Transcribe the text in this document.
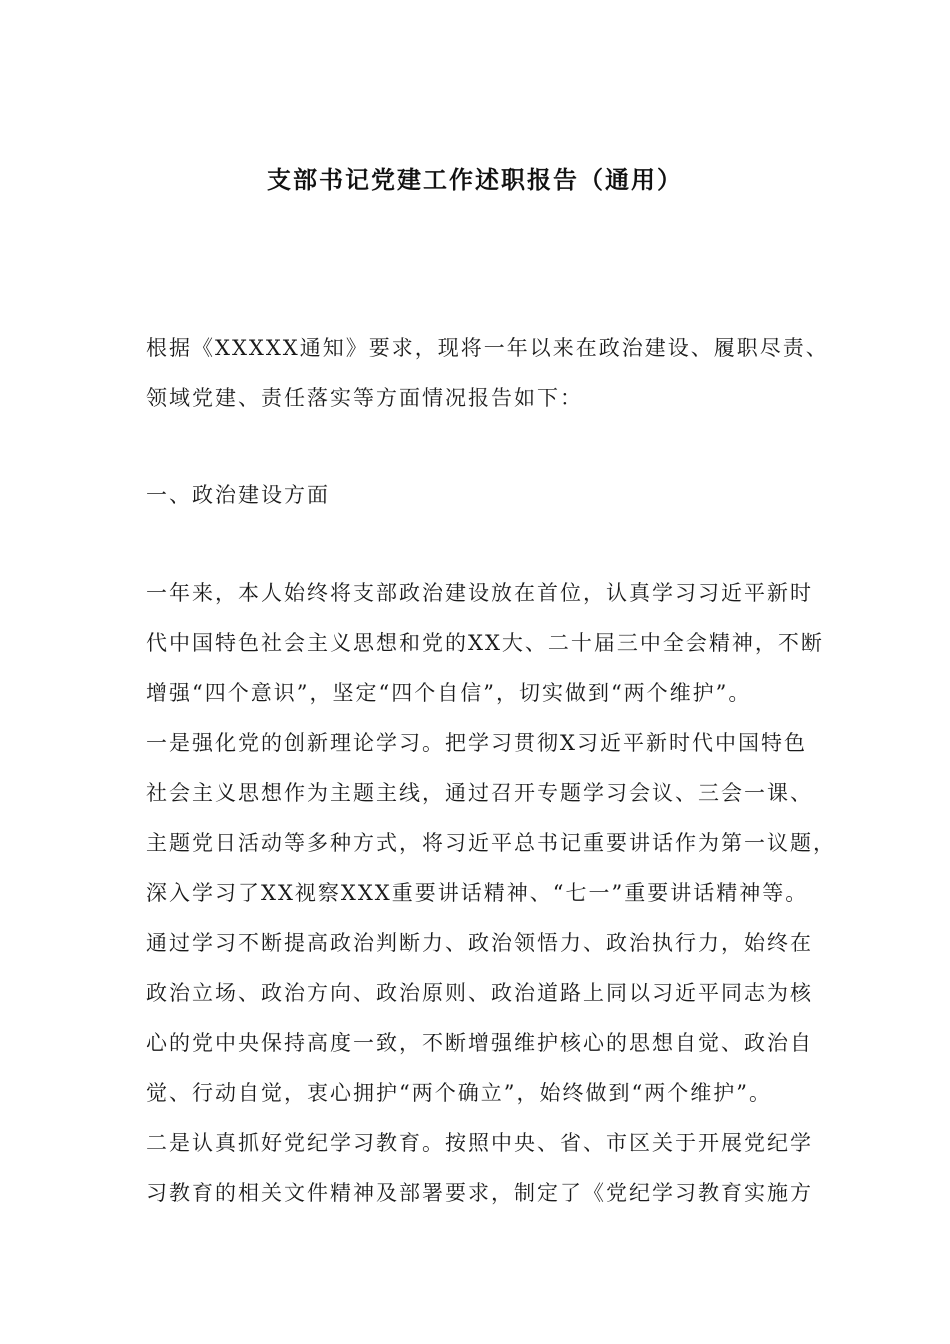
支部书记党建工作述职报告（通用）
根据《XXXXX通知》要求，现将一年以来在政治建设、履职尽责、
领域党建、责任落实等方面情况报告如下：
一、政治建设方面
一年来，本人始终将支部政治建设放在首位，认真学习习近平新时
代中国特色社会主义思想和党的XX大、二十届三中全会精神，不断
增强“四个意识”，坚定“四个自信”，切实做到“两个维护”。
一是强化党的创新理论学习。把学习贯彻X习近平新时代中国特色
社会主义思想作为主题主线，通过召开专题学习会议、三会一课、
主题党日活动等多种方式，将习近平总书记重要讲话作为第一议题，
深入学习了XX视察XXX重要讲话精神、“七一”重要讲话精神等。
通过学习不断提高政治判断力、政治领悟力、政治执行力，始终在
政治立场、政治方向、政治原则、政治道路上同以习近平同志为核
心的党中央保持高度一致，不断增强维护核心的思想自觉、政治自
觉、行动自觉，衷心拥护“两个确立”，始终做到“两个维护”。
二是认真抓好党纪学习教育。按照中央、省、市区关于开展党纪学
习教育的相关文件精神及部署要求，制定了《党纪学习教育实施方
